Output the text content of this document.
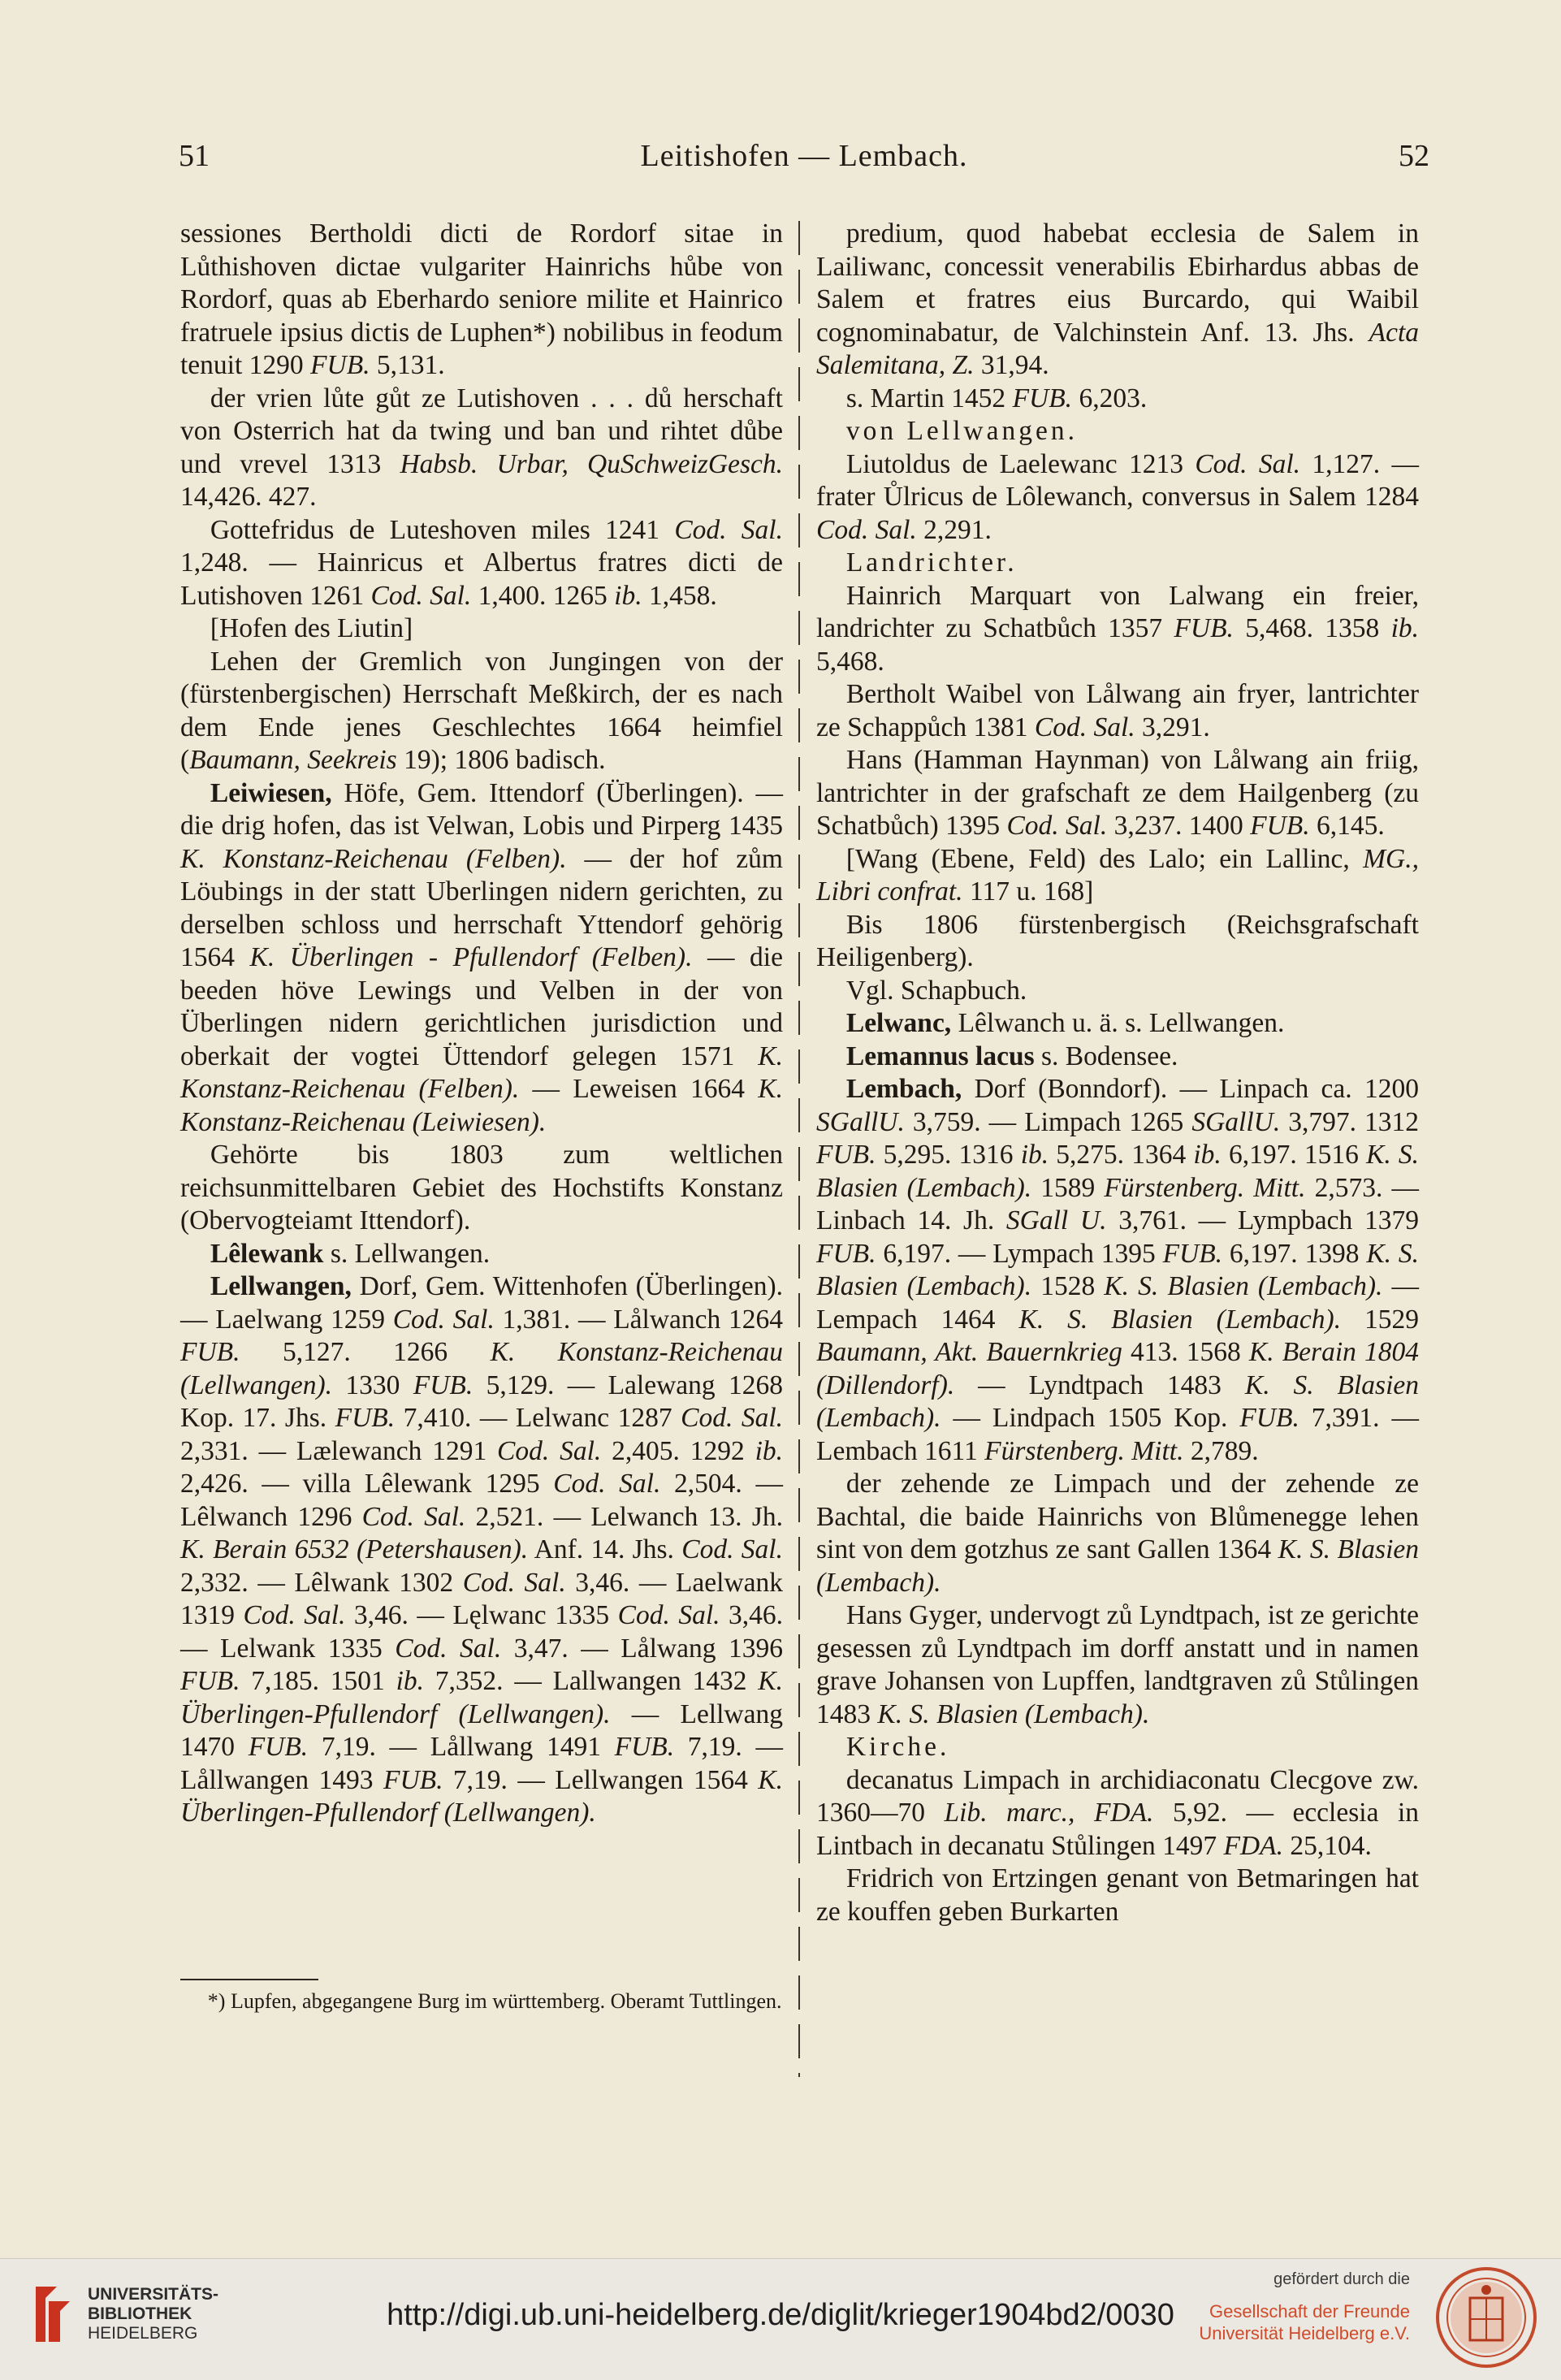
51	Leitishofen — Lembach.	52

sessiones Bertholdi dicti de Rordorf sitae in Lůthishoven dictae vulgariter Hainrichs hůbe von Rordorf, quas ab Eberhardo seniore milite et Hainrico fratruele ipsius dictis de Luphen*) nobilibus in feodum tenuit 1290 FUB. 5,131.

der vrien lůte gůt ze Lutishoven . . . dů herschaft von Osterrich hat da twing und ban und rihtet důbe und vrevel 1313 Habsb. Urbar, QuSchweizGesch. 14,426. 427.

Gottefridus de Luteshoven miles 1241 Cod. Sal. 1,248. — Hainricus et Albertus fratres dicti de Lutishoven 1261 Cod. Sal. 1,400. 1265 ib. 1,458.

[Hofen des Liutin]

Lehen der Gremlich von Jungingen von der (fürstenbergischen) Herrschaft Meßkirch, der es nach dem Ende jenes Geschlechtes 1664 heimfiel (Baumann, Seekreis 19); 1806 badisch.

Leiwiesen, Höfe, Gem. Ittendorf (Überlingen). — die drig hofen, das ist Velwan, Lobis und Pirperg 1435 K. Konstanz-Reichenau (Felben). — der hof zům Löubings in der statt Uberlingen nidern gerichten, zu derselben schloss und herrschaft Yttendorf gehörig 1564 K. Überlingen - Pfullendorf (Felben). — die beeden höve Lewings und Velben in der von Überlingen nidern gerichtlichen jurisdiction und oberkait der vogtei Üttendorf gelegen 1571 K. Konstanz-Reichenau (Felben). — Leweisen 1664 K. Konstanz-Reichenau (Leiwiesen).

Gehörte bis 1803 zum weltlichen reichsunmittelbaren Gebiet des Hochstifts Konstanz (Obervogteiamt Ittendorf).

Lêlewank s. Lellwangen.

Lellwangen, Dorf, Gem. Wittenhofen (Überlingen). — Laelwang 1259 Cod. Sal. 1,381. — Lålwanch 1264 FUB. 5,127. 1266 K. Konstanz-Reichenau (Lellwangen). 1330 FUB. 5,129. — Lalewang 1268 Kop. 17. Jhs. FUB. 7,410. — Lelwanc 1287 Cod. Sal. 2,331. — Lælewanch 1291 Cod. Sal. 2,405. 1292 ib. 2,426. — villa Lêlewank 1295 Cod. Sal. 2,504. — Lêlwanch 1296 Cod. Sal. 2,521. — Lelwanch 13. Jh. K. Berain 6532 (Petershausen). Anf. 14. Jhs. Cod. Sal. 2,332. — Lêlwank 1302 Cod. Sal. 3,46. — Laelwank 1319 Cod. Sal. 3,46. — Lęlwanc 1335 Cod. Sal. 3,46. — Lelwank 1335 Cod. Sal. 3,47. — Lålwang 1396 FUB. 7,185. 1501 ib. 7,352. — Lallwangen 1432 K. Überlingen-Pfullendorf (Lellwangen). — Lellwang 1470 FUB. 7,19. — Lållwang 1491 FUB. 7,19. — Lållwangen 1493 FUB. 7,19. — Lellwangen 1564 K. Überlingen-Pfullendorf (Lellwangen).

*) Lupfen, abgegangene Burg im württemberg. Oberamt Tuttlingen.

predium, quod habebat ecclesia de Salem in Lailiwanc, concessit venerabilis Ebirhardus abbas de Salem et fratres eius Burcardo, qui Waibil cognominabatur, de Valchinstein Anf. 13. Jhs. Acta Salemitana, Z. 31,94.

s. Martin 1452 FUB. 6,203.

von Lellwangen.

Liutoldus de Laelewanc 1213 Cod. Sal. 1,127. — frater Ůlricus de Lôlewanch, conversus in Salem 1284 Cod. Sal. 2,291.

Landrichter.

Hainrich Marquart von Lalwang ein freier, landrichter zu Schatbůch 1357 FUB. 5,468. 1358 ib. 5,468.

Bertholt Waibel von Lålwang ain fryer, lantrichter ze Schappůch 1381 Cod. Sal. 3,291.

Hans (Hamman Haynman) von Lålwang ain friig, lantrichter in der grafschaft ze dem Hailgenberg (zu Schatbůch) 1395 Cod. Sal. 3,237. 1400 FUB. 6,145.

[Wang (Ebene, Feld) des Lalo; ein Lallinc, MG., Libri confrat. 117 u. 168]

Bis 1806 fürstenbergisch (Reichsgrafschaft Heiligenberg).

Vgl. Schapbuch.

Lelwanc, Lêlwanch u. ä. s. Lellwangen.

Lemannus lacus s. Bodensee.

Lembach, Dorf (Bonndorf). — Linpach ca. 1200 SGallU. 3,759. — Limpach 1265 SGallU. 3,797. 1312 FUB. 5,295. 1316 ib. 5,275. 1364 ib. 6,197. 1516 K. S. Blasien (Lembach). 1589 Fürstenberg. Mitt. 2,573. — Linbach 14. Jh. SGall U. 3,761. — Lympbach 1379 FUB. 6,197. — Lympach 1395 FUB. 6,197. 1398 K. S. Blasien (Lembach). 1528 K. S. Blasien (Lembach). — Lempach 1464 K. S. Blasien (Lembach). 1529 Baumann, Akt. Bauernkrieg 413. 1568 K. Berain 1804 (Dillendorf). — Lyndtpach 1483 K. S. Blasien (Lembach). — Lindpach 1505 Kop. FUB. 7,391. — Lembach 1611 Fürstenberg. Mitt. 2,789.

der zehende ze Limpach und der zehende ze Bachtal, die baide Hainrichs von Blůmenegge lehen sint von dem gotzhus ze sant Gallen 1364 K. S. Blasien (Lembach).

Hans Gyger, undervogt zů Lyndtpach, ist ze gerichte gesessen zů Lyndtpach im dorff anstatt und in namen grave Johansen von Lupffen, landtgraven zů Stůlingen 1483 K. S. Blasien (Lembach).

Kirche.

decanatus Limpach in archidiaconatu Clecgove zw. 1360—70 Lib. marc., FDA. 5,92. — ecclesia in Lintbach in decanatu Stůlingen 1497 FDA. 25,104.

Fridrich von Ertzingen genant von Betmaringen hat ze kouffen geben Burkarten

UNIVERSITÄTS-
BIBLIOTHEK
HEIDELBERG
http://digi.ub.uni-heidelberg.de/diglit/krieger1904bd2/0030
gefördert durch die
Gesellschaft der Freunde
Universität Heidelberg e.V.
